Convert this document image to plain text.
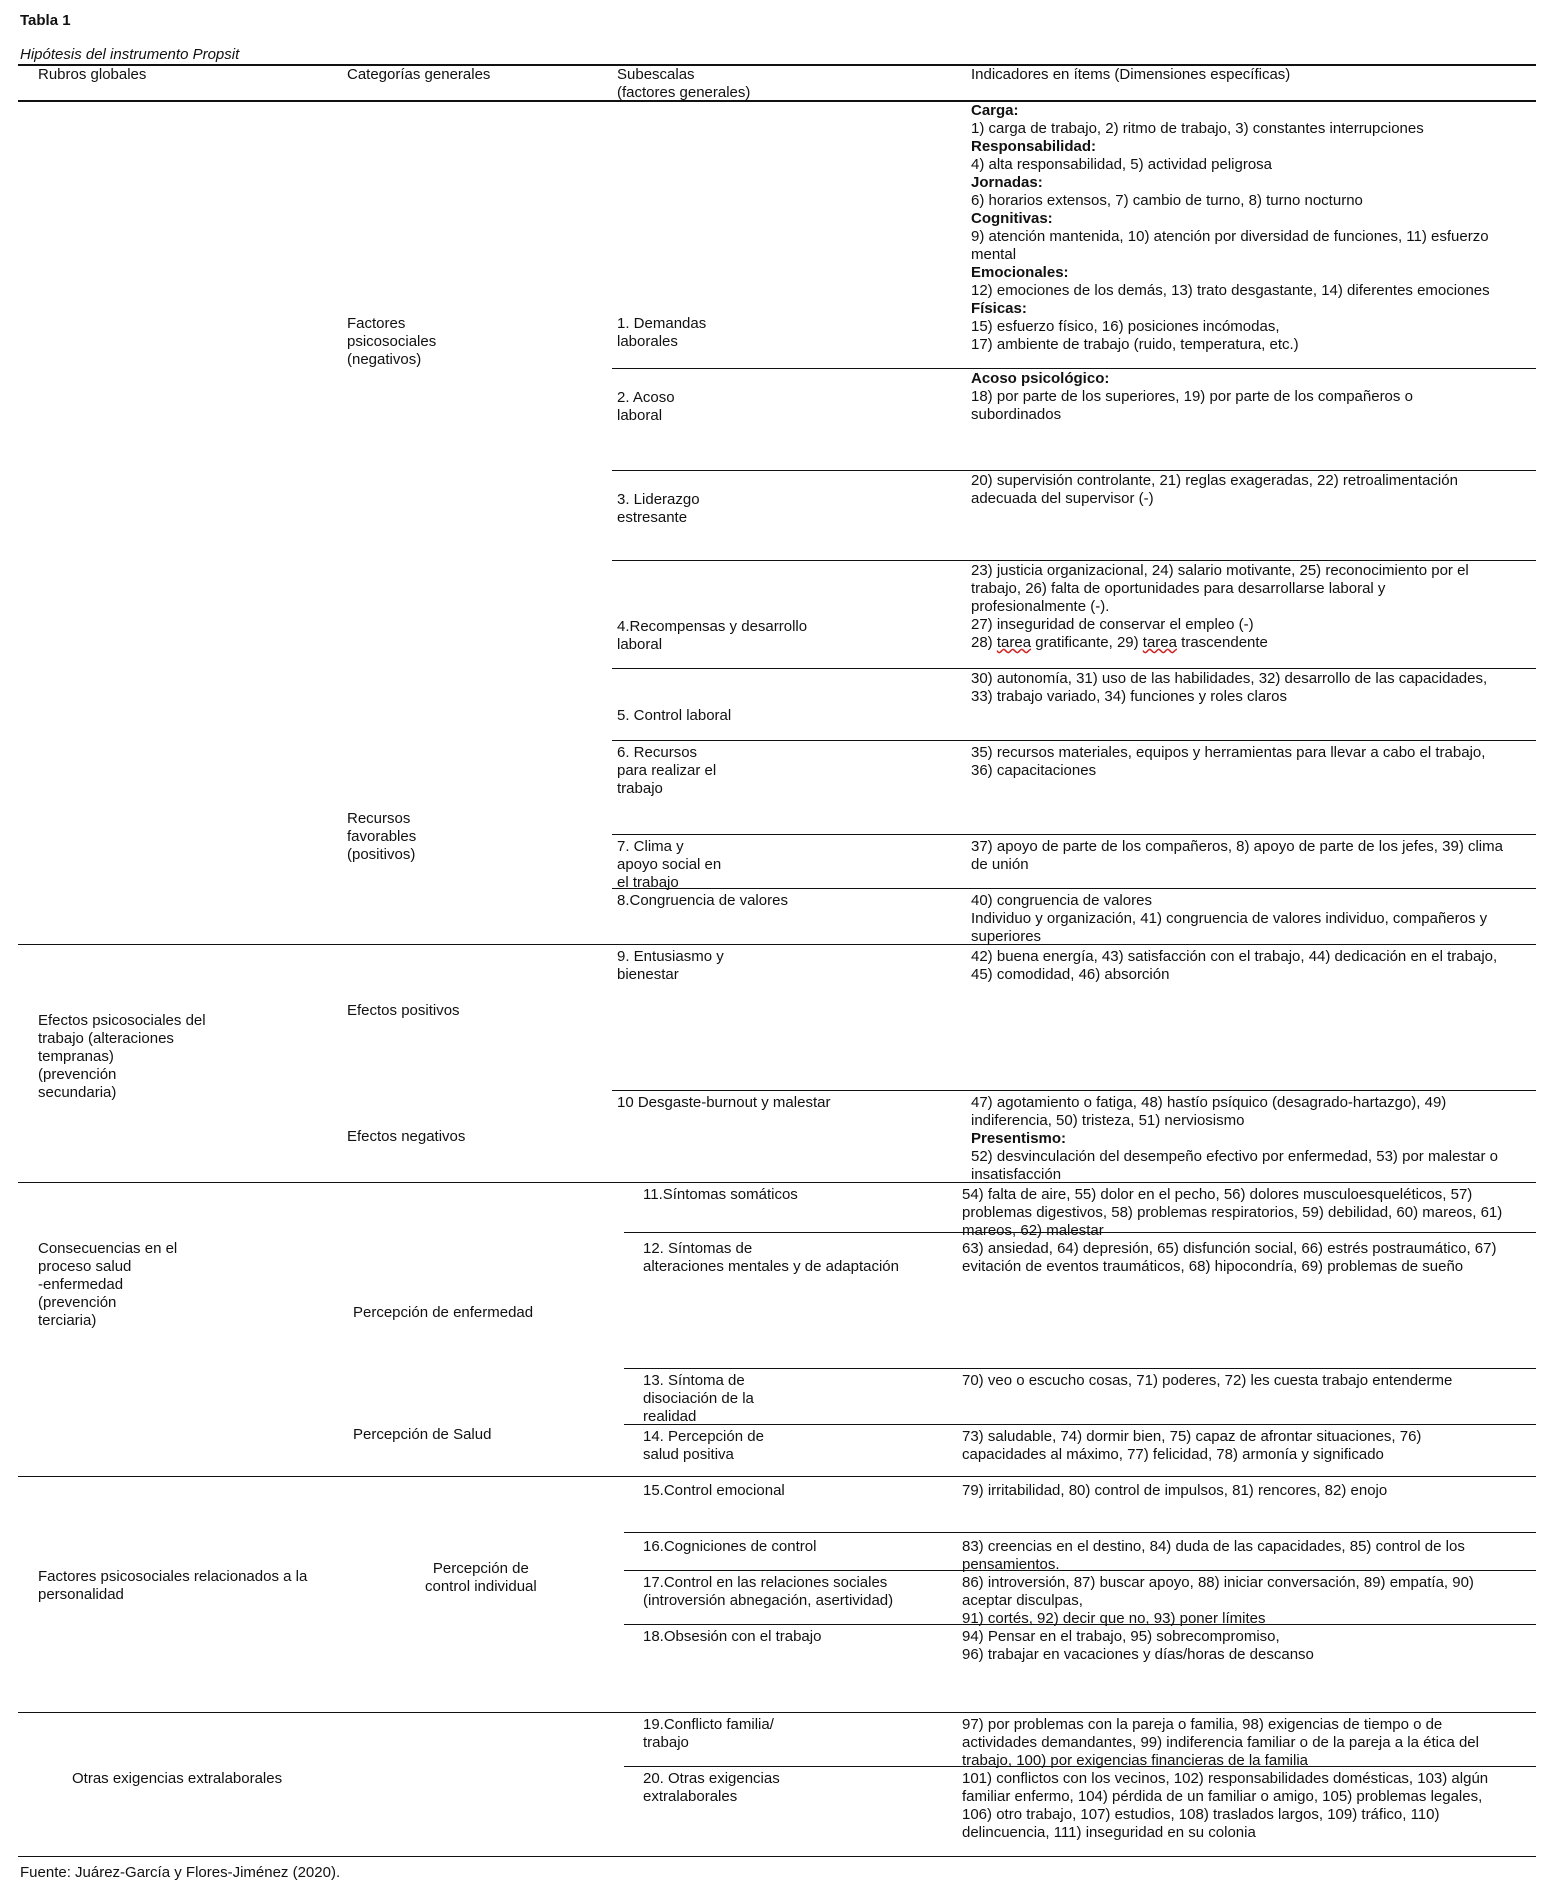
Tabla 1
Hipótesis del instrumento Propsit
Rubros globales	Categorías generales	Subescalas
(factores generales)
Indicadores en ítems (Dimensiones específicas)
Efectos psicosociales del
trabajo (alteraciones
tempranas)
(prevención
secundaria)
Consecuencias en el
proceso salud
-enfermedad
(prevención
terciaria)
Factores psicosociales relacionados a la
personalidad
Otras exigencias extralaborales
Factores
psicosociales
(negativos)
Recursos
favorables
(positivos)
Efectos positivos
Efectos negativos
Percepción de enfermedad
Percepción de Salud
Percepción de
control individual
1. Demandas
laborales
2. Acoso
laboral
3. Liderazgo
estresante
4.Recompensas y desarrollo
laboral
5. Control laboral
6. Recursos
para realizar el
trabajo
7. Clima y
apoyo social en
el trabajo
8.Congruencia de valores
9. Entusiasmo y
bienestar
10 Desgaste-burnout y malestar
11.Síntomas somáticos
12. Síntomas de
alteraciones mentales y de adaptación
13. Síntoma de
disociación de la
realidad
14. Percepción de
salud positiva
15.Control emocional
16.Cogniciones de control
17.Control en las relaciones sociales
(introversión abnegación, asertividad)
18.Obsesión con el trabajo
19.Conflicto familia/
trabajo
20. Otras exigencias
extralaborales
Carga:
1) carga de trabajo, 2) ritmo de trabajo, 3) constantes interrupciones
Responsabilidad:
4) alta responsabilidad, 5) actividad peligrosa
Jornadas:
6) horarios extensos, 7) cambio de turno, 8) turno nocturno
Cognitivas:
9) atención mantenida, 10) atención por diversidad de funciones, 11) esfuerzo
mental
Emocionales:
12) emociones de los demás, 13) trato desgastante, 14) diferentes emociones
Físicas:
15) esfuerzo físico, 16) posiciones incómodas,
17) ambiente de trabajo (ruido, temperatura, etc.)
Acoso psicológico:
18) por parte de los superiores, 19) por parte de los compañeros o
subordinados
20) supervisión controlante, 21) reglas exageradas, 22) retroalimentación
adecuada del supervisor (-)
23) justicia organizacional, 24) salario motivante, 25) reconocimiento por el
trabajo, 26) falta de oportunidades para desarrollarse laboral y
profesionalmente (-).
27) inseguridad de conservar el empleo (-)
28) tarea gratificante, 29) tarea trascendente
30) autonomía, 31) uso de las habilidades, 32) desarrollo de las capacidades,
33) trabajo variado, 34) funciones y roles claros
35) recursos materiales, equipos y herramientas para llevar a cabo el trabajo,
36) capacitaciones
37) apoyo de parte de los compañeros, 8) apoyo de parte de los jefes, 39) clima
de unión
40) congruencia de valores
Individuo y organización, 41) congruencia de valores individuo, compañeros y
superiores
42) buena energía, 43) satisfacción con el trabajo, 44) dedicación en el trabajo,
45) comodidad, 46) absorción
47) agotamiento o fatiga, 48) hastío psíquico (desagrado-hartazgo), 49)
indiferencia, 50) tristeza, 51) nerviosismo
Presentismo:
52) desvinculación del desempeño efectivo por enfermedad, 53) por malestar o
insatisfacción
54) falta de aire, 55) dolor en el pecho, 56) dolores musculoesqueléticos, 57)
problemas digestivos, 58) problemas respiratorios, 59) debilidad, 60) mareos, 61)
mareos, 62) malestar
63) ansiedad, 64) depresión, 65) disfunción social, 66) estrés postraumático, 67)
evitación de eventos traumáticos, 68) hipocondría, 69) problemas de sueño
70) veo o escucho cosas, 71) poderes, 72) les cuesta trabajo entenderme
73) saludable, 74) dormir bien, 75) capaz de afrontar situaciones, 76)
capacidades al máximo, 77) felicidad, 78) armonía y significado
79) irritabilidad, 80) control de impulsos, 81) rencores, 82) enojo
83) creencias en el destino, 84) duda de las capacidades, 85) control de los
pensamientos.
86) introversión, 87) buscar apoyo, 88) iniciar conversación, 89) empatía, 90)
aceptar disculpas,
91) cortés, 92) decir que no, 93) poner límites
94) Pensar en el trabajo, 95) sobrecompromiso,
96) trabajar en vacaciones y días/horas de descanso
97) por problemas con la pareja o familia, 98) exigencias de tiempo o de
actividades demandantes, 99) indiferencia familiar o de la pareja a la ética del
trabajo, 100) por exigencias financieras de la familia
101) conflictos con los vecinos, 102) responsabilidades domésticas, 103) algún
familiar enfermo, 104) pérdida de un familiar o amigo, 105) problemas legales,
106) otro trabajo, 107) estudios, 108) traslados largos, 109) tráfico, 110)
delincuencia, 111) inseguridad en su colonia
Fuente: Juárez-García y Flores-Jiménez (2020).
